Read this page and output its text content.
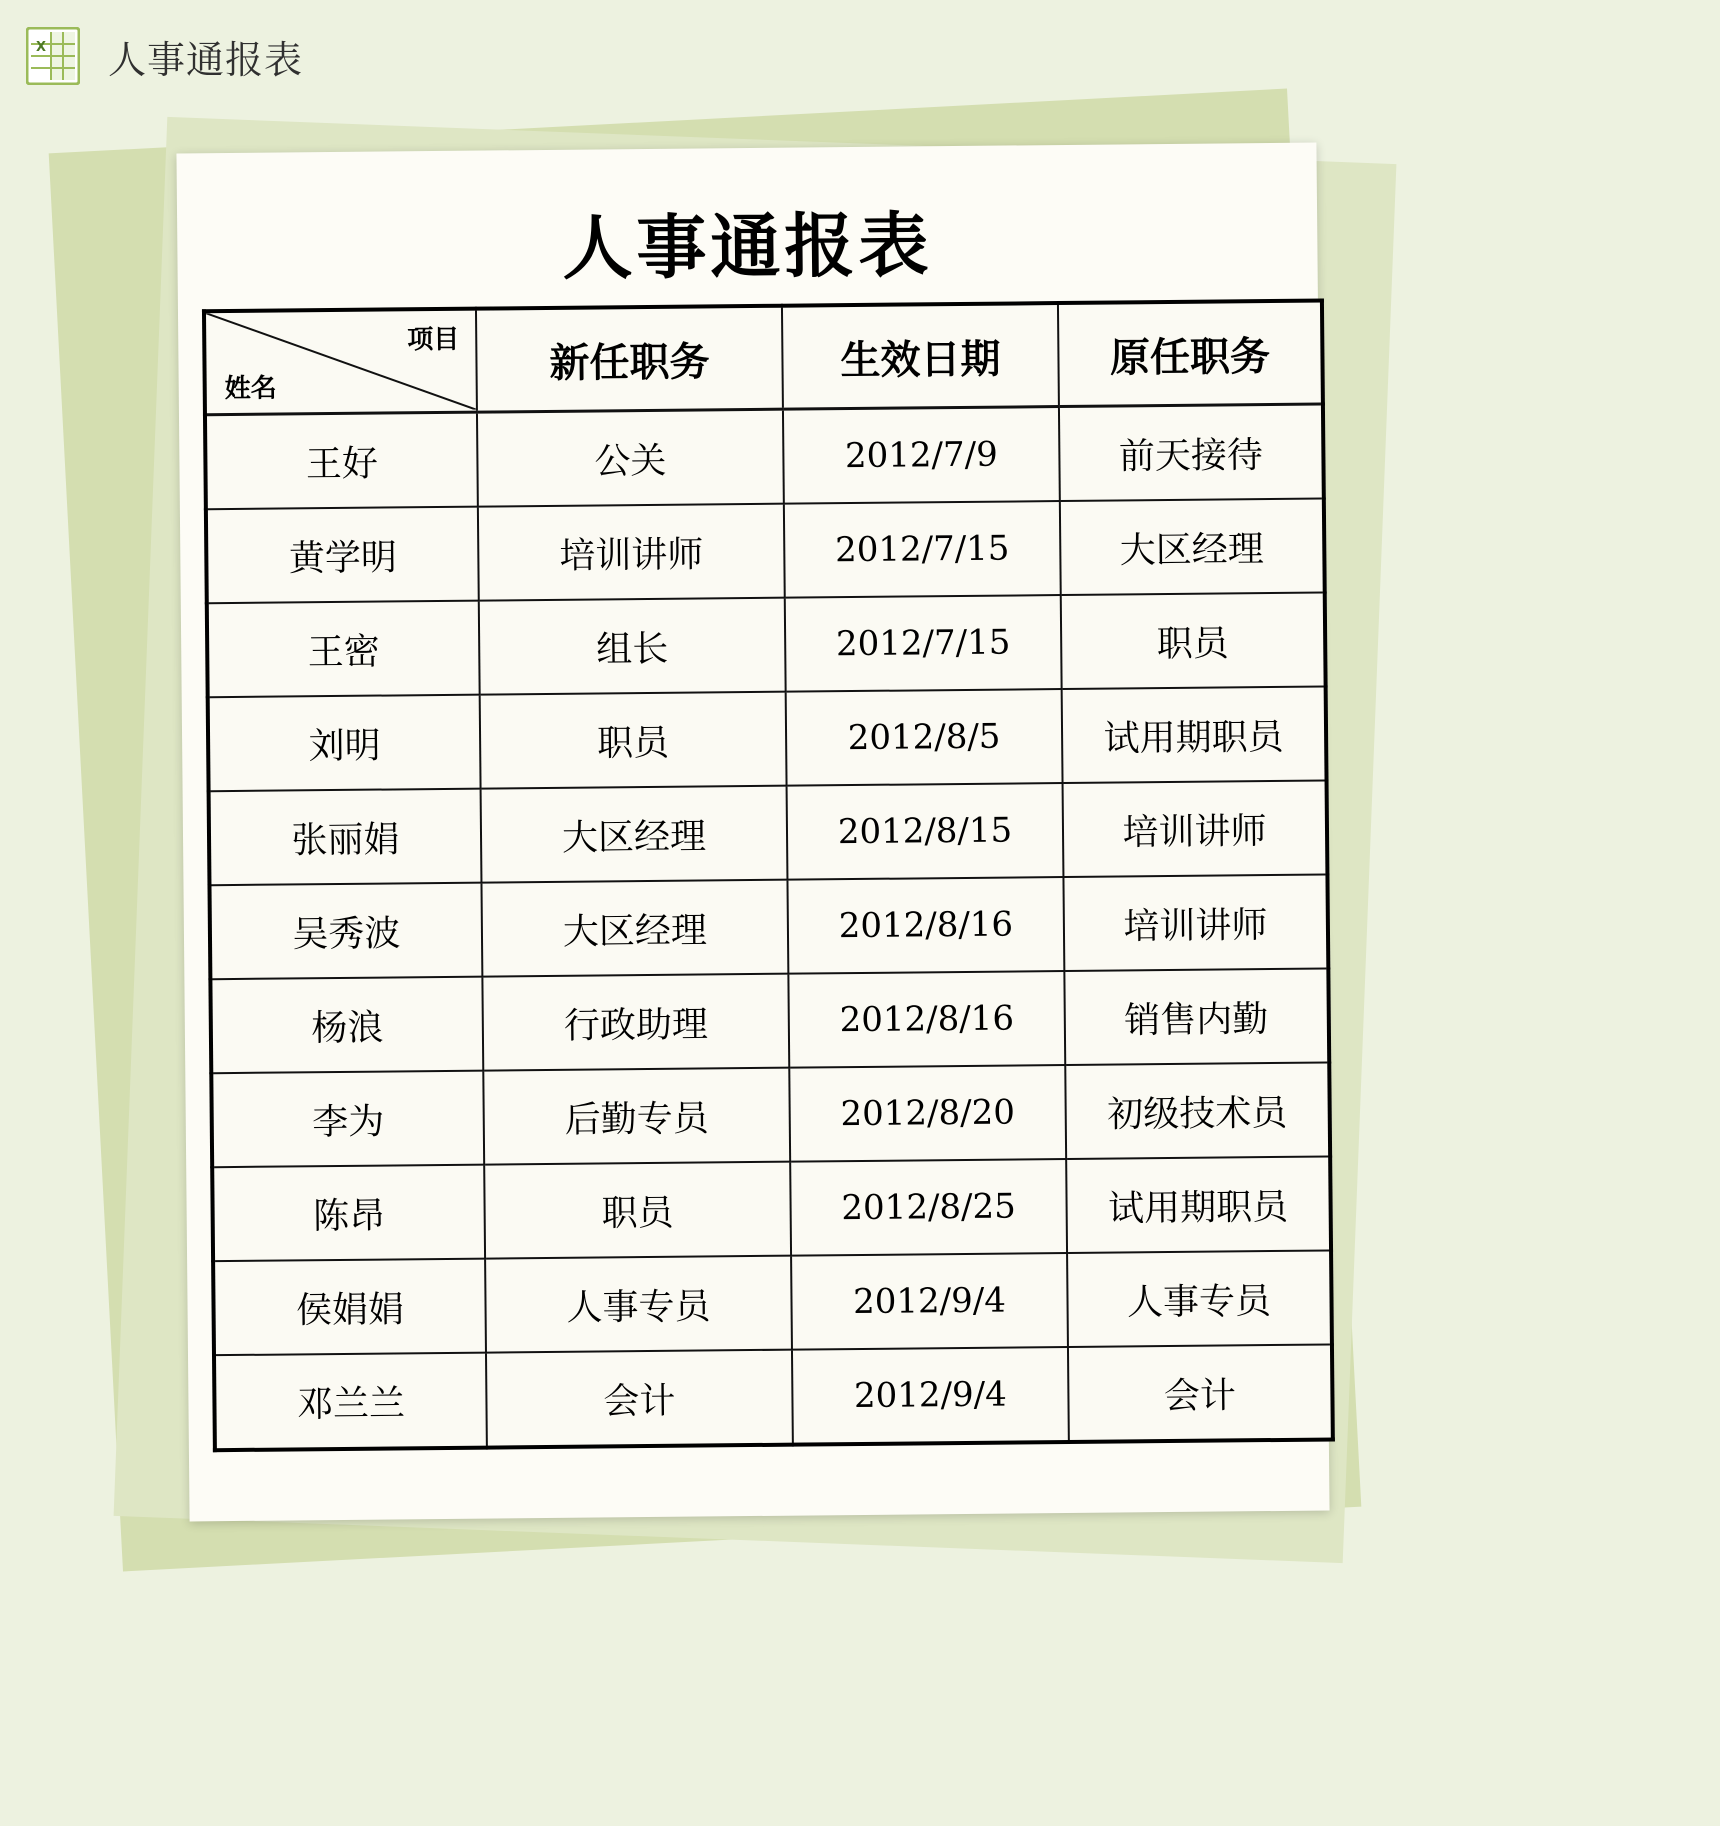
X 人事通报表
人事通报表
项目
姓名	新任职务	生效日期	原任职务
王好	公关	2012/7/9	前天接待
黄学明	培训讲师	2012/7/15	大区经理
王密	组长	2012/7/15	职员
刘明	职员	2012/8/5	试用期职员
张丽娟	大区经理	2012/8/15	培训讲师
吴秀波	大区经理	2012/8/16	培训讲师
杨浪	行政助理	2012/8/16	销售内勤
李为	后勤专员	2012/8/20	初级技术员
陈昂	职员	2012/8/25	试用期职员
侯娟娟	人事专员	2012/9/4	人事专员
邓兰兰	会计	2012/9/4	会计
